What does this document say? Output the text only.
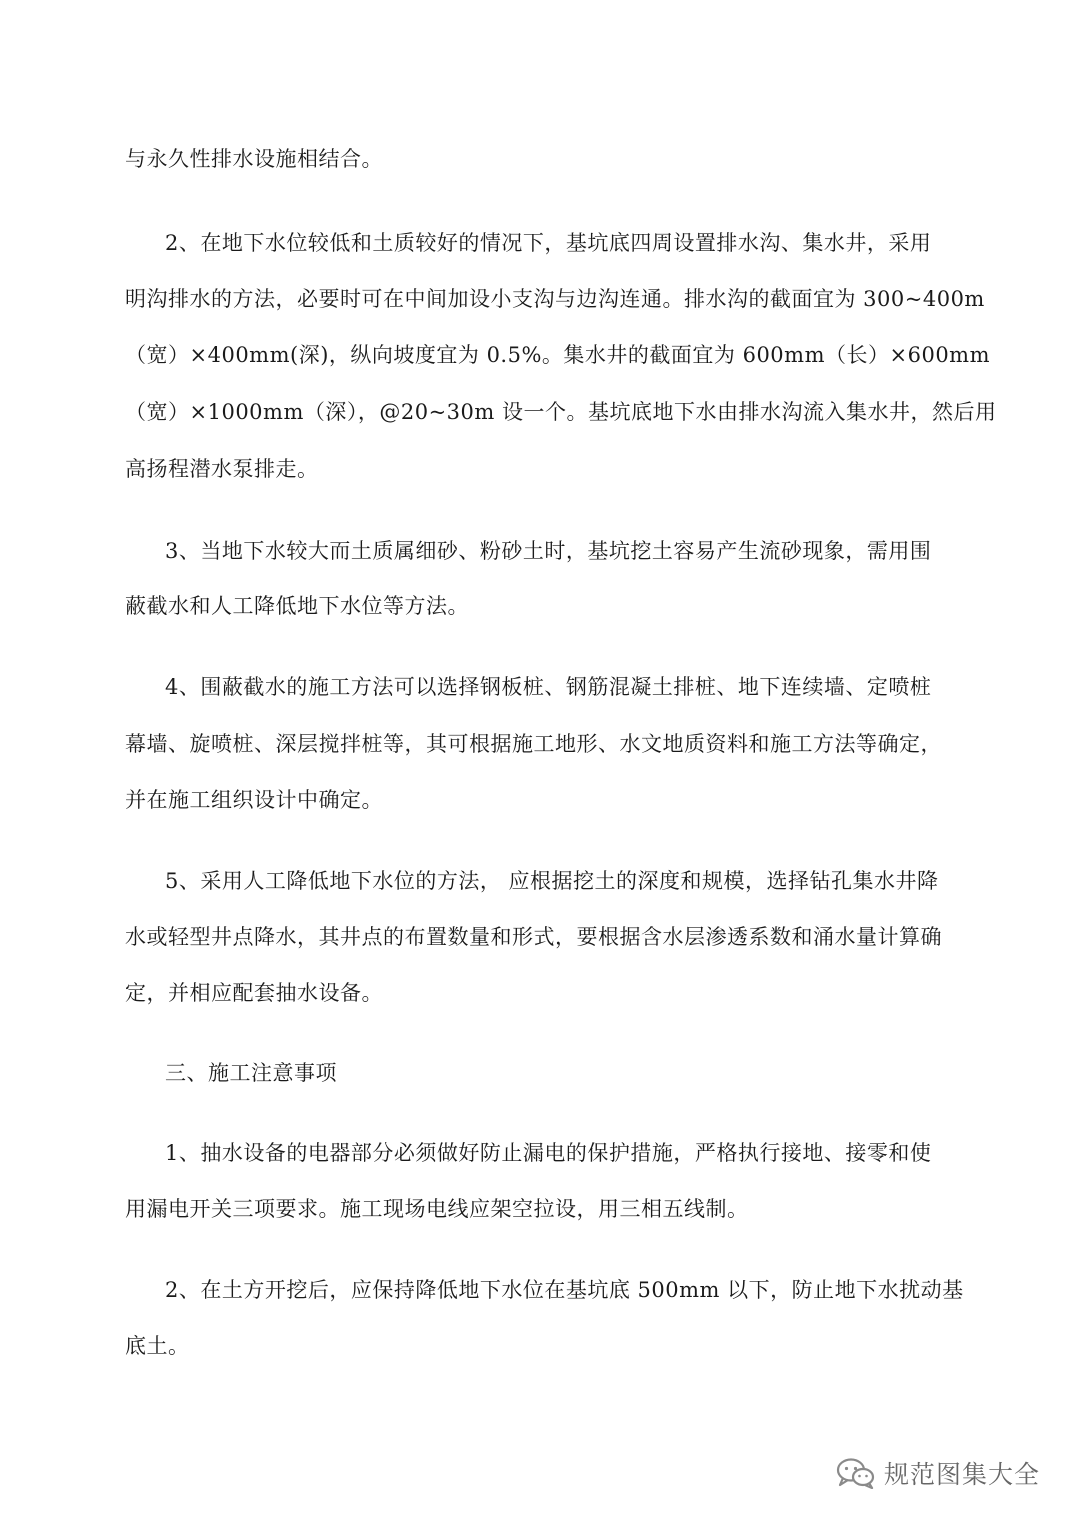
与永久性排水设施相结合。
2、在地下水位较低和土质较好的情况下，基坑底四周设置排水沟、集水井，采用
明沟排水的方法，必要时可在中间加设小支沟与边沟连通。排水沟的截面宜为 300~400m
（宽）×400mm(深)，纵向坡度宜为 0.5%。集水井的截面宜为 600mm（长）×600mm
（宽）×1000mm（深），@20~30m 设一个。基坑底地下水由排水沟流入集水井，然后用
高扬程潜水泵排走。
3、当地下水较大而土质属细砂、粉砂土时，基坑挖土容易产生流砂现象，需用围
蔽截水和人工降低地下水位等方法。
4、围蔽截水的施工方法可以选择钢板桩、钢筋混凝土排桩、地下连续墙、定喷桩
幕墙、旋喷桩、深层搅拌桩等，其可根据施工地形、水文地质资料和施工方法等确定，
并在施工组织设计中确定。
5、采用人工降低地下水位的方法， 应根据挖土的深度和规模，选择钻孔集水井降
水或轻型井点降水，其井点的布置数量和形式，要根据含水层渗透系数和涌水量计算确
定，并相应配套抽水设备。
三、施工注意事项
1、抽水设备的电器部分必须做好防止漏电的保护措施，严格执行接地、接零和使
用漏电开关三项要求。施工现场电线应架空拉设，用三相五线制。
2、在土方开挖后，应保持降低地下水位在基坑底 500mm 以下，防止地下水扰动基
底土。
规范图集大全
